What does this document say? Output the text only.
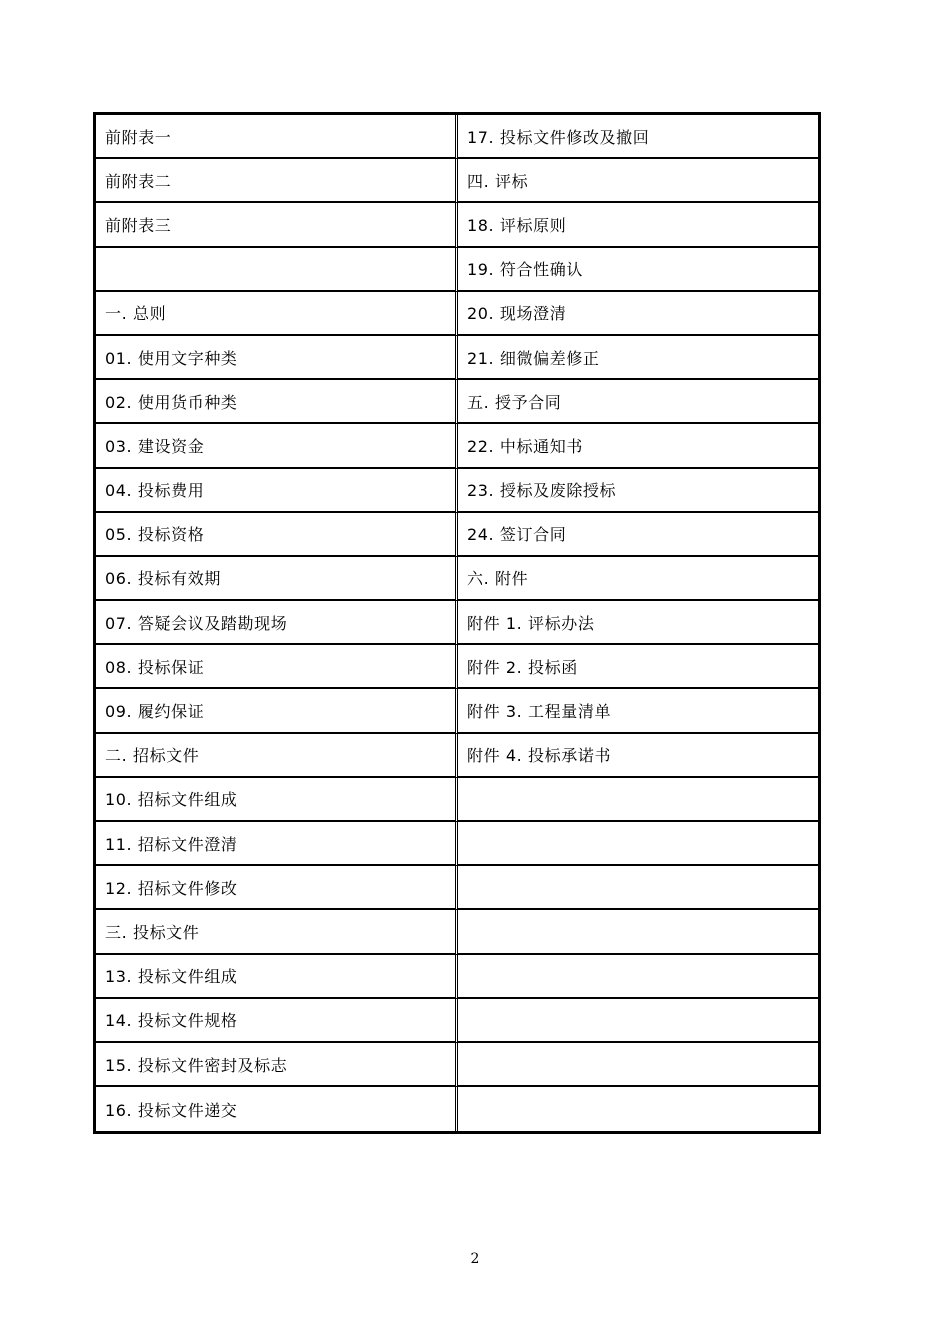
前附表一	17. 投标文件修改及撤回
前附表二	四. 评标
前附表三	18. 评标原则
	19. 符合性确认
一. 总则	20. 现场澄清
01. 使用文字种类	21. 细微偏差修正
02. 使用货币种类	五. 授予合同
03. 建设资金	22. 中标通知书
04. 投标费用	23. 授标及废除授标
05. 投标资格	24. 签订合同
06. 投标有效期	六. 附件
07. 答疑会议及踏勘现场	附件 1. 评标办法
08. 投标保证	附件 2. 投标函
09. 履约保证	附件 3. 工程量清单
二. 招标文件	附件 4. 投标承诺书
10. 招标文件组成	
11. 招标文件澄清	
12. 招标文件修改	
三. 投标文件	
13. 投标文件组成	
14. 投标文件规格	
15. 投标文件密封及标志	
16. 投标文件递交	
2
